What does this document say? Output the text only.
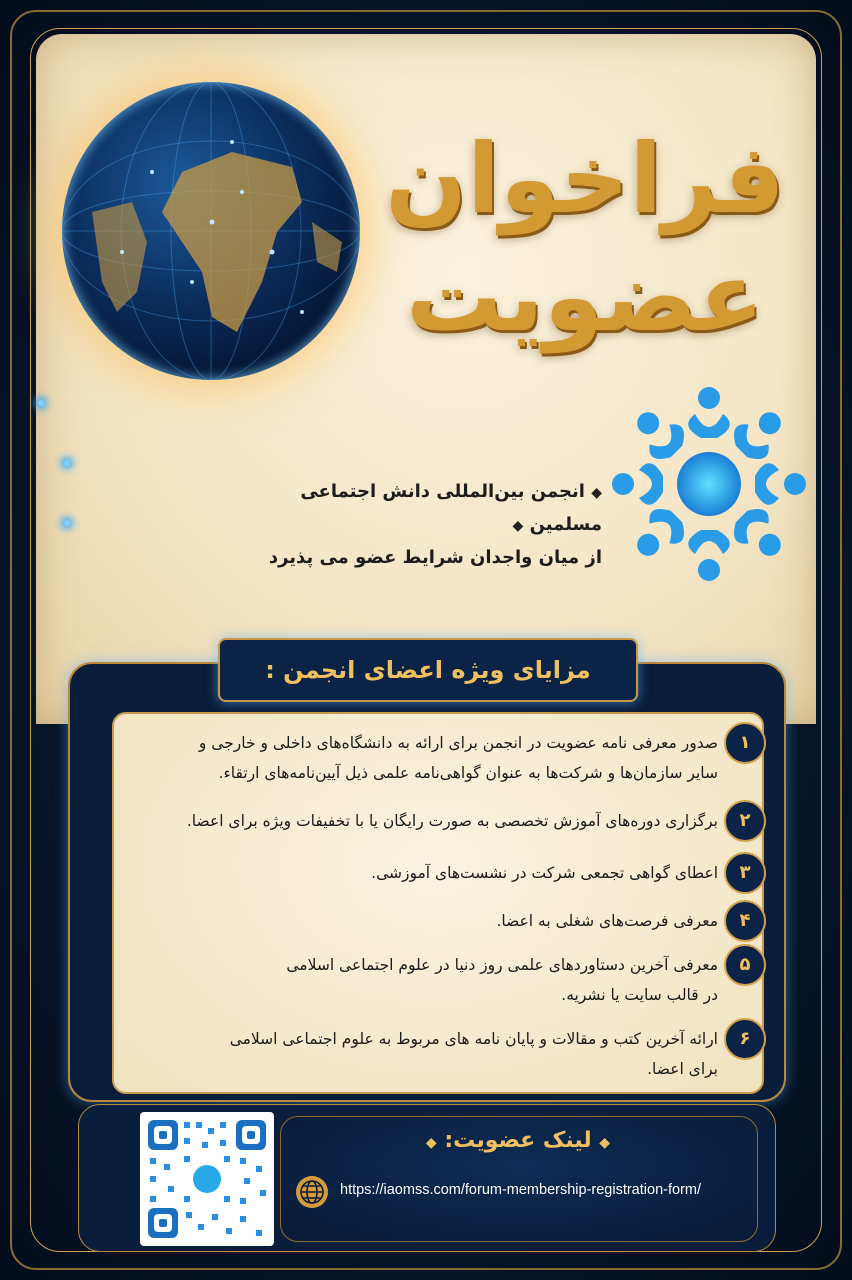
فراخوان
عضویت
◆ انجمن بین‌المللی دانش اجتماعی مسلمین ◆
از میان واجدان شرایط عضو می پذیرد
مزایای ویژه اعضای انجمن :
۱
صدور معرفی نامه عضویت در انجمن برای ارائه به دانشگاه‌های داخلی و خارجی و
سایر سازمان‌ها و شرکت‌ها به عنوان گواهی‌نامه علمی ذیل آیین‌نامه‌های ارتقاء.
۲
برگزاری دوره‌های آموزش تخصصی به صورت رایگان یا با تخفیفات ویژه برای اعضا.
۳
اعطای گواهی تجمعی شرکت در نشست‌های آموزشی.
۴
معرفی فرصت‌های شغلی به اعضا.
۵
معرفی آخرین دستاوردهای علمی روز دنیا در علوم اجتماعی اسلامی
در قالب سایت یا نشریه.
۶
ارائه آخرین کتب و مقالات و پایان نامه های مربوط به علوم اجتماعی اسلامی
برای اعضا.
◆ لینک عضویت: ◆
https://iaomss.com/forum-membership-registration-form/
